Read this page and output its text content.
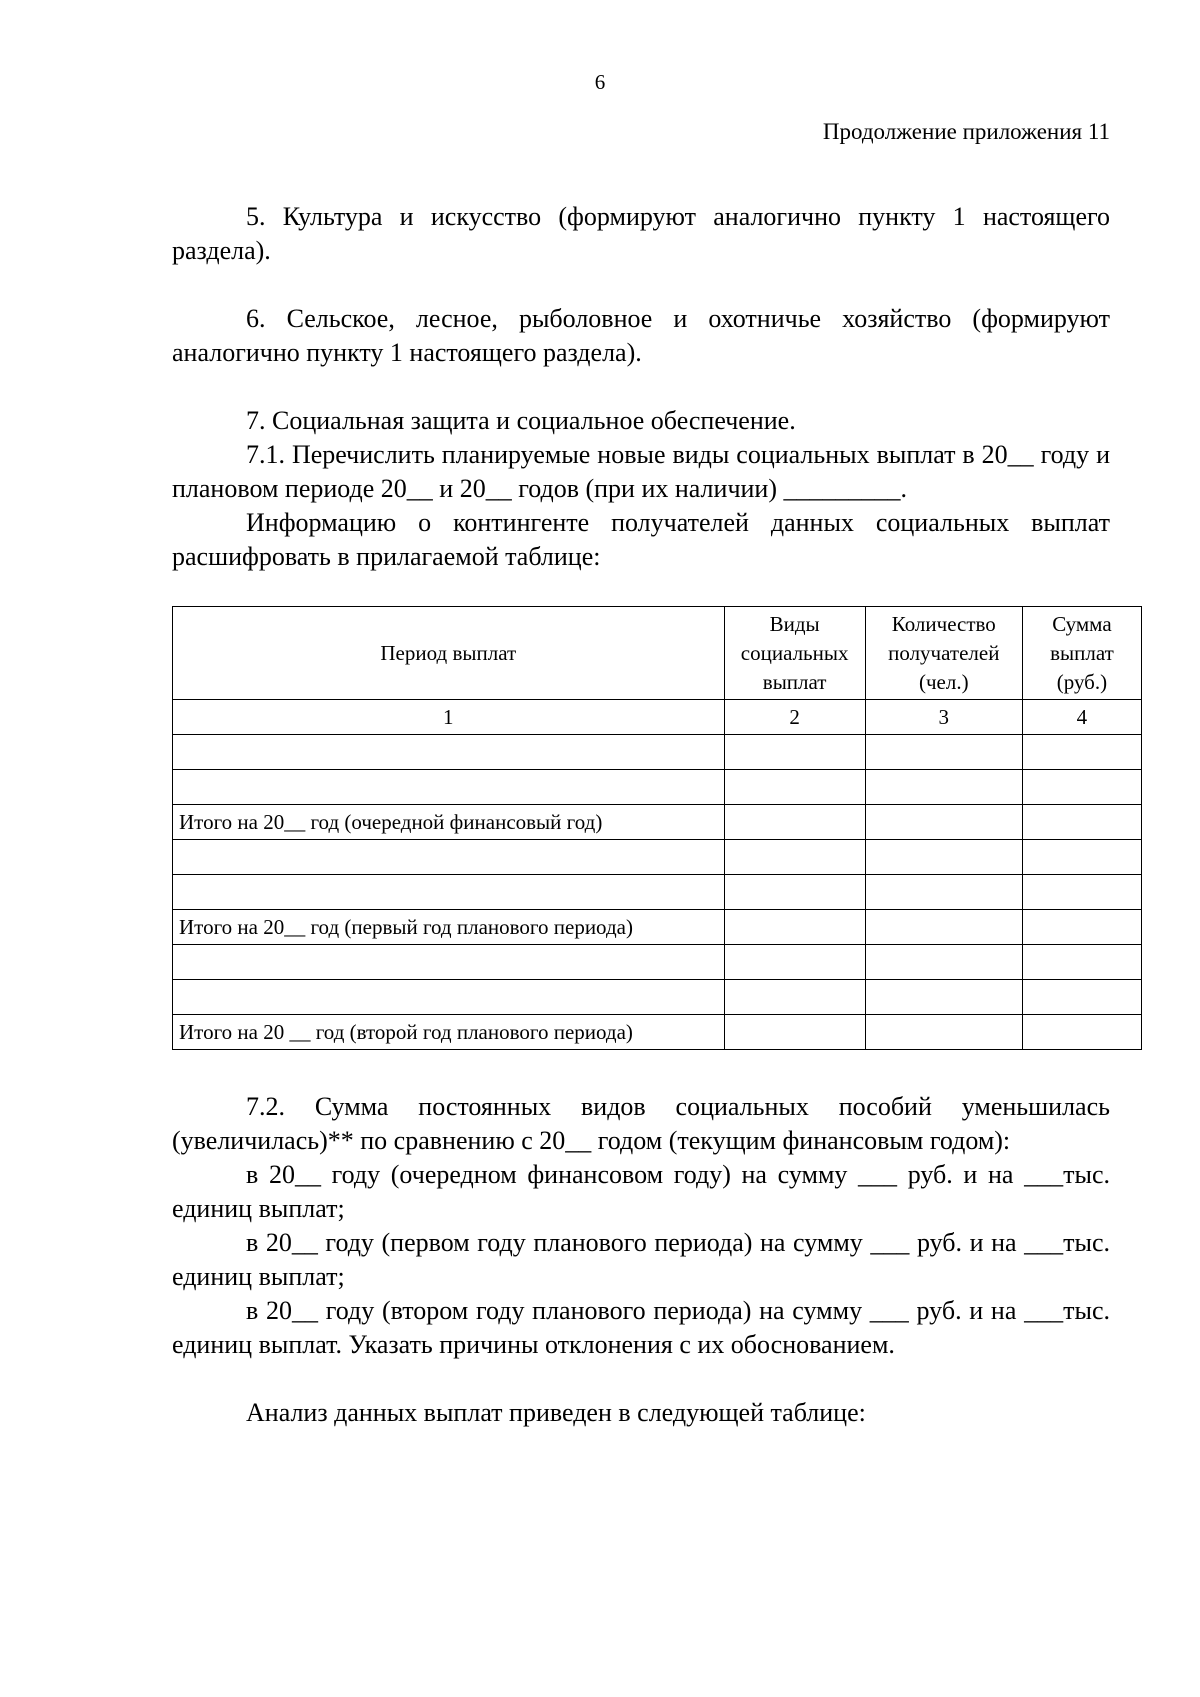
6
Продолжение приложения 11

5. Культура и искусство (формируют аналогично пункту 1 настоящего раздела).

6. Сельское, лесное, рыболовное и охотничье хозяйство (формируют аналогично пункту 1 настоящего раздела).

7. Социальная защита и социальное обеспечение.

7.1. Перечислить планируемые новые виды социальных выплат в 20__ году и плановом периоде 20__ и 20__ годов (при их наличии) _________.

Информацию о контингенте получателей данных социальных выплат расшифровать в прилагаемой таблице:

Период выплат	Виды социальных выплат	Количество получателей (чел.)	Сумма выплат (руб.)
1	2	3	4

Итого на 20__ год (очередной финансовый год)			

Итого на 20__ год (первый год планового периода)			

Итого на 20 __ год (второй год планового периода)			

7.2. Сумма постоянных видов социальных пособий уменьшилась (увеличилась)** по сравнению с 20__ годом (текущим финансовым годом):

в 20__ году (очередном финансовом году) на сумму ___ руб. и на ___тыс. единиц выплат;

в 20__ году (первом году планового периода) на сумму ___ руб. и на ___тыс. единиц выплат;

в 20__ году (втором году планового периода) на сумму ___ руб. и на ___тыс. единиц выплат. Указать причины отклонения с их обоснованием.

Анализ данных выплат приведен в следующей таблице:
